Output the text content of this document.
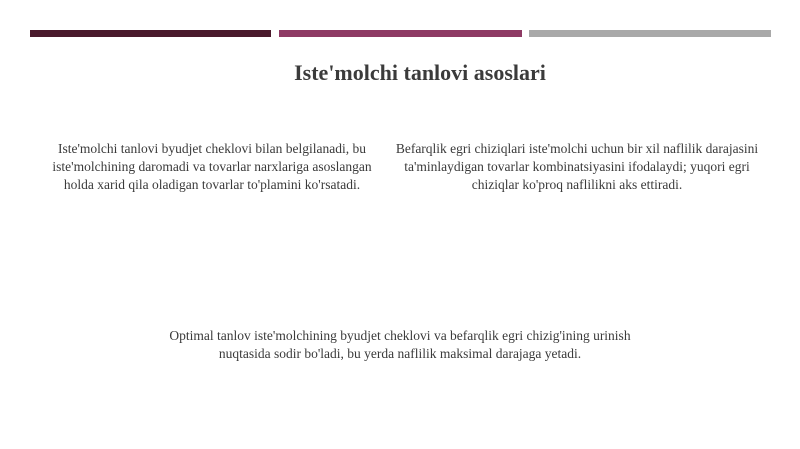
Iste'molchi tanlovi asoslari
Iste'molchi tanlovi byudjet cheklovi bilan belgilanadi, bu iste'molchining daromadi va tovarlar narxlariga asoslangan holda xarid qila oladigan tovarlar to'plamini ko'rsatadi.
Befarqlik egri chiziqlari iste'molchi uchun bir xil naflilik darajasini ta'minlaydigan tovarlar kombinatsiyasini ifodalaydi; yuqori egri chiziqlar ko'proq naflilikni aks ettiradi.
Optimal tanlov iste'molchining byudjet cheklovi va befarqlik egri chizig'ining urinish nuqtasida sodir bo'ladi, bu yerda naflilik maksimal darajaga yetadi.
